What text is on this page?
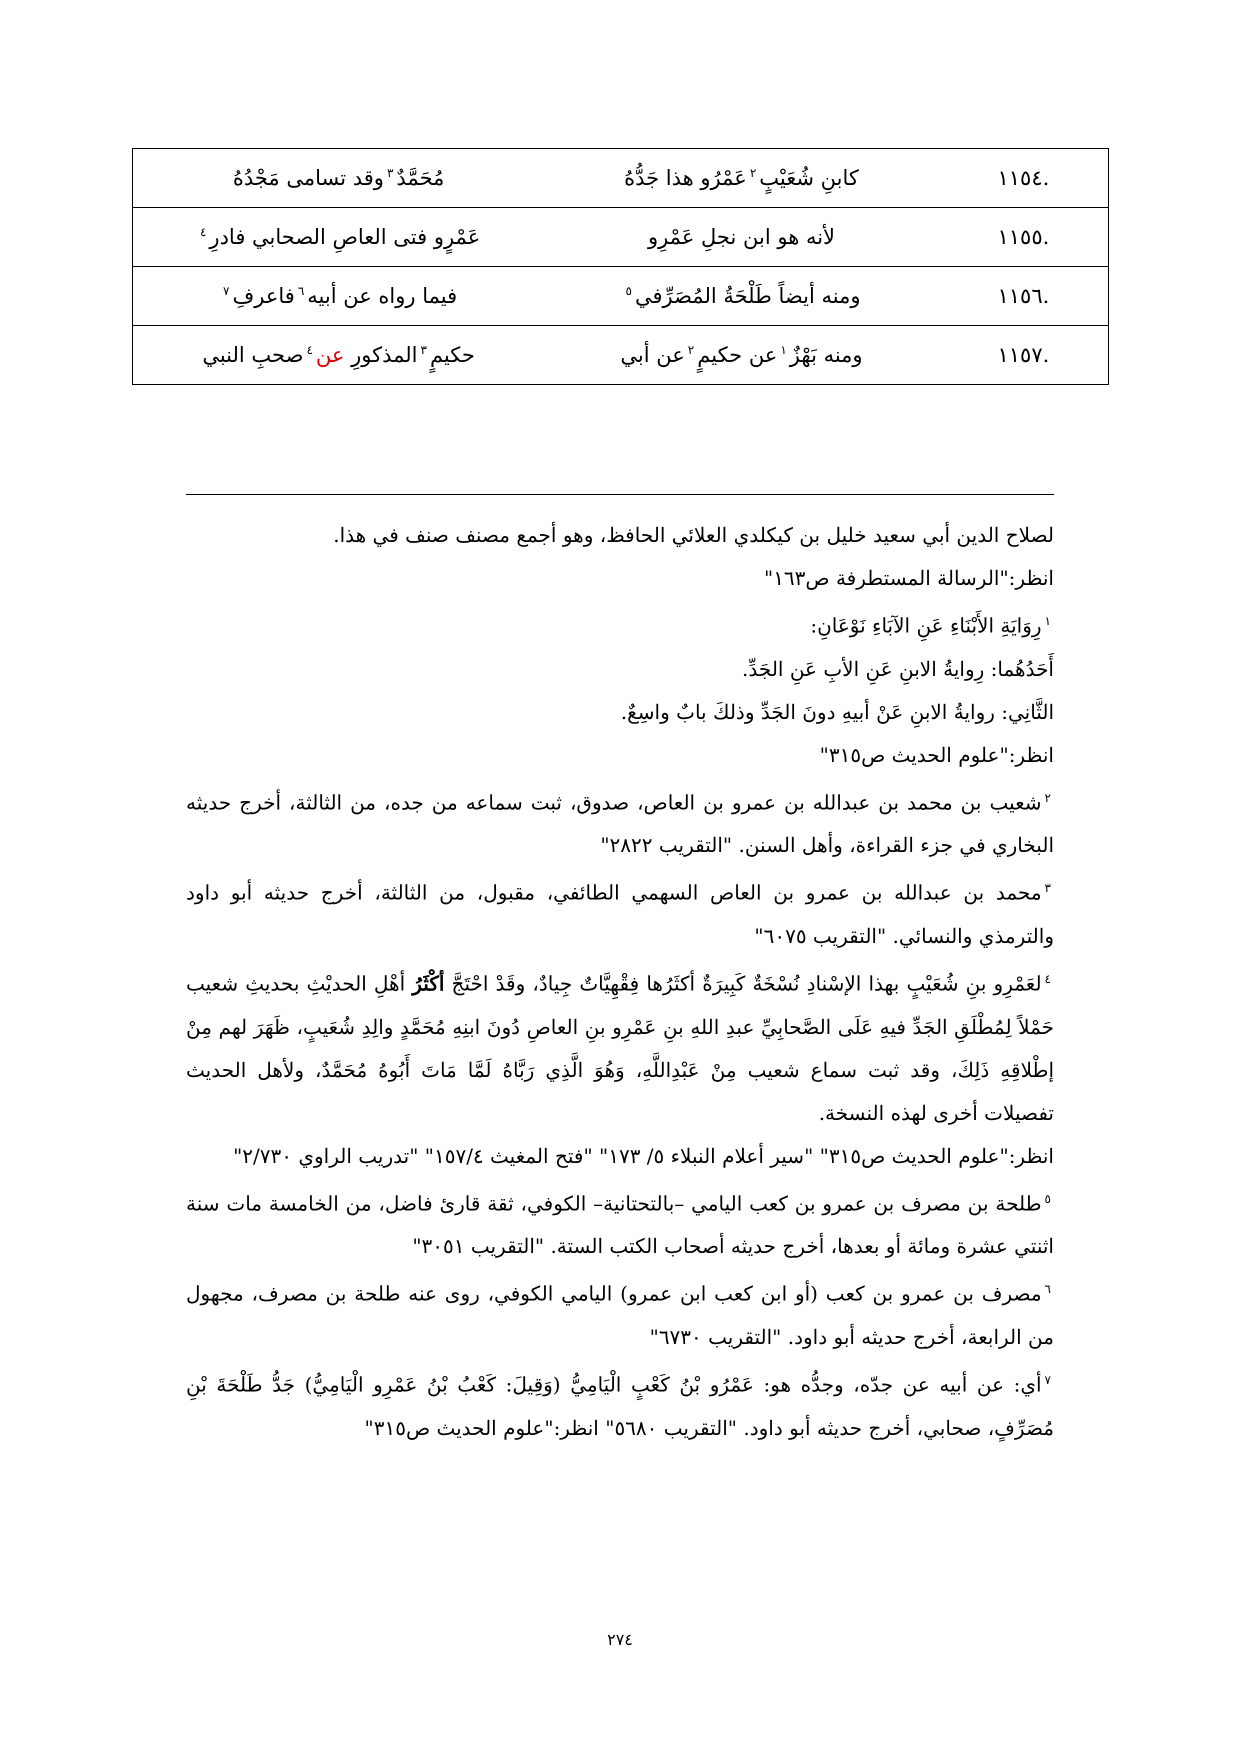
.١١٥٤	كابنِ شُعَيْبٍ$^٢$عَمْرُو هذا جَدُّهُ	مُحَمَّدٌ$^٣$وقد تسامى مَجْدُهُ
.١١٥٥	لأنه هو ابن نجلِ عَمْرِو	عَمْرٍو فتى العاصِ الصحابي فادرِ$^٤$
.١١٥٦	ومنه أيضاً طَلْحَةُ المُصَرِّفي$^٥$	فيما رواه عن أبيه$^٦$فاعرفِ$^٧$
.١١٥٧	ومنه بَهْزٌ$^١$عن حكيمٍ$^٢$عن أبي	حكيمٍ$^٣$المذكورِ عن$^٤$صحبِ النبي

لصلاح الدين أبي سعيد خليل بن كيكلدي العلائي الحافظ، وهو أجمع مصنف صنف في هذا.

انظر:"الرسالة المستطرفة ص١٦٣"

$^١$رِوَايَةِ الأَبْنَاءِ عَنِ الآبَاءِ نَوْعَانِ:

أَحَدُهُما: رِوايةُ الابنِ عَنِ الأبِ عَنِ الجَدِّ.

الثَّانِي: روايةُ الابنِ عَنْ أبيهِ دونَ الجَدِّ وذلكَ بابٌ واسِعٌ.

انظر:"علوم الحديث ص٣١٥"

$^٢$شعيب بن محمد بن عبدالله بن عمرو بن العاص، صدوق، ثبت سماعه من جده، من الثالثة، أخرج حديثه البخاري في جزء القراءة، وأهل السنن. "التقريب ٢٨٢٢"

$^٣$محمد بن عبدالله بن عمرو بن العاص السهمي الطائفي، مقبول، من الثالثة، أخرج حديثه أبو داود والترمذي والنسائي. "التقريب ٦٠٧٥"

$^٤$لعَمْرِو بنِ شُعَيْبٍ بهذا الإسْنادِ نُسْخَةٌ كَبِيرَةٌ أكثَرُها فِقْهِيَّاتٌ جِيادٌ، وقَدْ احْتَجَّ أكْثَرُ أهْلِ الحديْثِ بحديثِ شعيب حَمْلاً لِمُطْلَقِ الجَدِّ فيهِ عَلَى الصَّحابِيِّ عبدِ اللهِ بنِ عَمْرِو بنِ العاصِ دُونَ ابنِهِ مُحَمَّدٍ والِدِ شُعَيبٍ، ظَهَرَ لهم مِنْ إطْلاقِهِ ذَلِكَ، وقد ثبت سماع شعيب مِنْ عَبْدِاللَّهِ، وَهُوَ الَّذِي رَبَّاهُ لَمَّا مَاتَ أَبُوهُ مُحَمَّدٌ، ولأهل الحديث تفصيلات أخرى لهذه النسخة.

انظر:"علوم الحديث ص٣١٥" "سير أعلام النبلاء ٥/ ١٧٣" "فتح المغيث ١٥٧/٤" "تدريب الراوي ٢/٧٣٠"

$^٥$طلحة بن مصرف بن عمرو بن كعب اليامي –بالتحتانية– الكوفي، ثقة قارئ فاضل، من الخامسة مات سنة اثنتي عشرة ومائة أو بعدها، أخرج حديثه أصحاب الكتب الستة. "التقريب ٣٠٥١"

$^٦$مصرف بن عمرو بن كعب (أو ابن كعب ابن عمرو) اليامي الكوفي، روى عنه طلحة بن مصرف، مجهول من الرابعة، أخرج حديثه أبو داود. "التقريب ٦٧٣٠"

$^٧$أي: عن أبيه عن جدّه، وجدُّه هو: عَمْرُو بْنُ كَعْبٍ الْيَامِيُّ (وَقِيلَ: كَعْبُ بْنُ عَمْرِو الْيَامِيُّ) جَدُّ طَلْحَةَ بْنِ مُصَرِّفٍ، صحابي، أخرج حديثه أبو داود. "التقريب ٥٦٨٠" انظر:"علوم الحديث ص٣١٥"

٢٧٤
